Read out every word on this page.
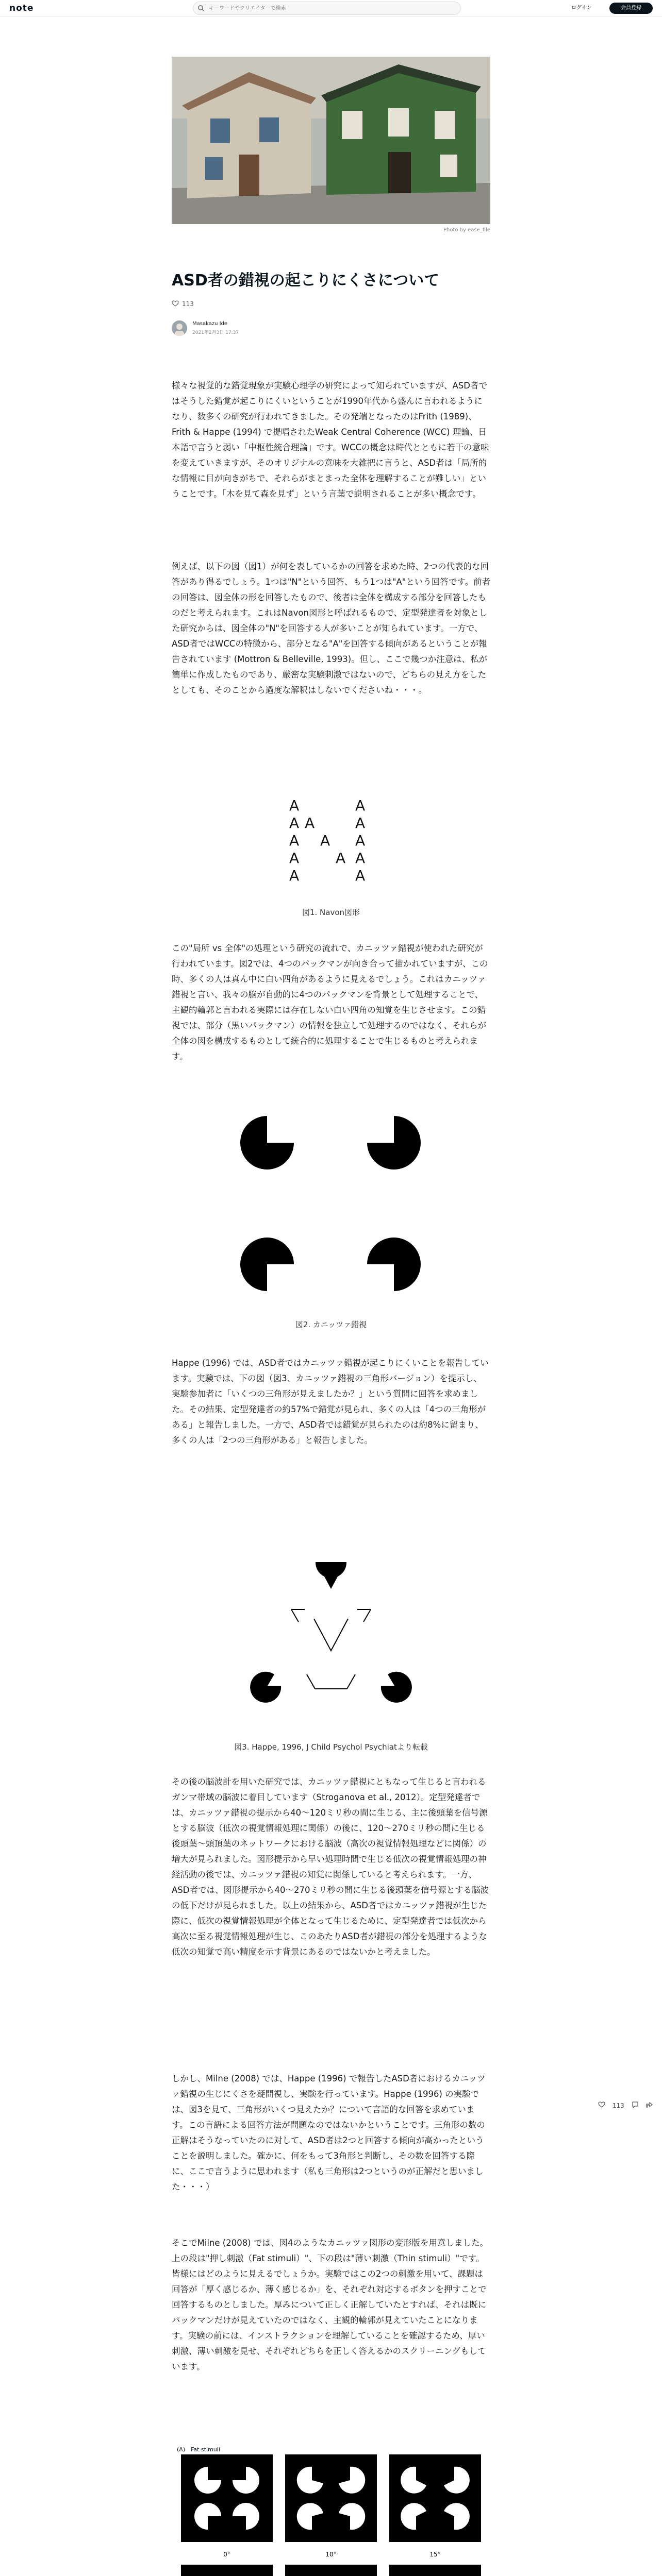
note
キーワードやクリエイターで検索	ログイン	会員登録
Photo by ease_file
ASD者の錯視の起こりにくさについて
113
Masakazu Ide
2021年2月3日 17:37

様々な視覚的な錯覚現象が実験心理学の研究によって知られていますが、ASD者ではそうした錯覚が起こりにくいということが1990年代から盛んに言われるようになり、数多くの研究が行われてきました。その発端となったのはFrith (1989)、Frith & Happe (1994) で提唱されたWeak Central Coherence (WCC) 理論、日本語で言うと弱い「中枢性統合理論」です。WCCの概念は時代とともに若干の意味を変えていきますが、そのオリジナルの意味を大雑把に言うと、ASD者は「局所的な情報に目が向きがちで、それらがまとまった全体を理解することが難しい」ということです。「木を見て森を見ず」という言葉で説明されることが多い概念です。

例えば、以下の図（図1）が何を表しているかの回答を求めた時、2つの代表的な回答があり得るでしょう。1つは"N"という回答、もう1つは"A"という回答です。前者の回答は、図全体の形を回答したもので、後者は全体を構成する部分を回答したものだと考えられます。これはNavon図形と呼ばれるもので、定型発達者を対象とした研究からは、図全体の"N"を回答する人が多いことが知られています。一方で、ASD者ではWCCの特徴から、部分となる"A"を回答する傾向があるということが報告されています (Mottron & Belleville, 1993)。但し、ここで幾つか注意は、私が簡単に作成したものであり、厳密な実験刺激ではないので、どちらの見え方をしたとしても、そのことから過度な解釈はしないでくださいね・・・。

A
A
A
A
A
A
A
A
A
A
A
A
A
図1. Navon図形

この"局所 vs 全体"の処理という研究の流れで、カニッツァ錯視が使われた研究が行われています。図2では、4つのパックマンが向き合って描かれていますが、この時、多くの人は真ん中に白い四角があるように見えるでしょう。これはカニッツァ錯視と言い、我々の脳が自動的に4つのパックマンを背景として処理することで、主観的輪郭と言われる実際には存在しない白い四角の知覚を生じさせます。この錯視では、部分（黒いパックマン）の情報を独立して処理するのではなく、それらが全体の図を構成するものとして統合的に処理することで生じるものと考えられます。

図2. カニッツァ錯視

Happe (1996) では、ASD者ではカニッツァ錯視が起こりにくいことを報告しています。実験では、下の図（図3、カニッツァ錯視の三角形バージョン）を提示し、実験参加者に「いくつの三角形が見えましたか？」という質問に回答を求めました。その結果、定型発達者の約57%で錯覚が見られ、多くの人は「4つの三角形がある」と報告しました。一方で、ASD者では錯覚が見られたのは約8%に留まり、多くの人は「2つの三角形がある」と報告しました。

図3. Happe, 1996, J Child Psychol Psychiatより転載

その後の脳波計を用いた研究では、カニッツァ錯視にともなって生じると言われるガンマ帯域の脳波に着目しています（Stroganova et al., 2012）。定型発達者では、カニッツァ錯視の提示から40〜120ミリ秒の間に生じる、主に後頭葉を信号源とする脳波（低次の視覚情報処理に関係）の後に、120〜270ミリ秒の間に生じる後頭葉〜頭頂葉のネットワークにおける脳波（高次の視覚情報処理などに関係）の増大が見られました。図形提示から早い処理時間で生じる低次の視覚情報処理の神経活動の後では、カニッツァ錯視の知覚に関係していると考えられます。一方、ASD者では、図形提示から40〜270ミリ秒の間に生じる後頭葉を信号源とする脳波の低下だけが見られました。以上の結果から、ASD者ではカニッツァ錯視が生じた際に、低次の視覚情報処理が全体となって生じるために、定型発達者では低次から高次に至る視覚情報処理が生じ、このあたりASD者が錯視の部分を処理するような低次の知覚で高い精度を示す背景にあるのではないかと考えました。

しかし、Milne (2008) では、Happe (1996) で報告したASD者におけるカニッツァ錯視の生じにくさを疑問視し、実験を行っています。Happe (1996) の実験では、図3を見て、三角形がいくつ見えたか？について言語的な回答を求めています。この言語による回答方法が問題なのではないかということです。三角形の数の正解はそうなっていたのに対して、ASD者は2つと回答する傾向が高かったということを説明しました。確かに、何をもって3角形と判断し、その数を回答する際に、ここで言うように思われます（私も三角形は2つというのが正解だと思いました・・・）

そこでMilne (2008) では、図4のようなカニッツァ図形の変形版を用意しました。上の段は"押し刺激（Fat stimuli）"、下の段は"薄い刺激（Thin stimuli）"です。皆様にはどのように見えるでしょうか。実験ではこの2つの刺激を用いて、課題は回答が「厚く感じるか、薄く感じるか」を、それぞれ対応するボタンを押すことで回答するものとしました。厚みについて正しく正解していたとすれば、それは既にパックマンだけが見えていたのではなく、主観的輪郭が見えていたことになります。実験の前には、インストラクションを理解していることを確認するため、厚い刺激、薄い刺激を見せ、それぞれどちらを正しく答えるかのスクリーニングもしています。

(A)　Fat stimuli
0°	10°	15°

113
